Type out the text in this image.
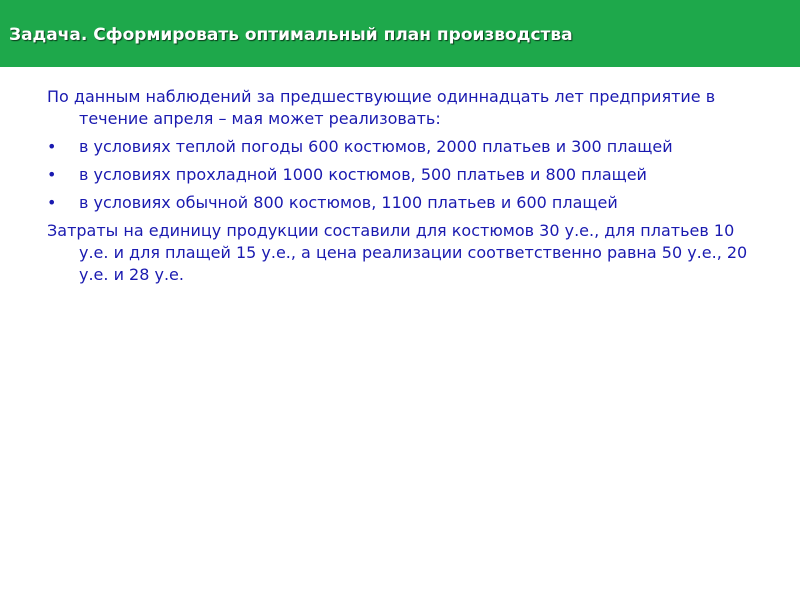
Задача. Сформировать оптимальный план производства

По данным наблюдений за предшествующие одиннадцать лет предприятие в течение апреля – мая может реализовать:

• в условиях теплой погоды 600 костюмов, 2000 платьев и 300 плащей
• в условиях прохладной 1000 костюмов, 500 платьев и 800 плащей
• в условиях обычной 800 костюмов, 1100 платьев и 600 плащей

Затраты на единицу продукции составили для костюмов 30 у.е., для платьев 10 у.е. и для плащей 15 у.е., а цена реализации соответственно равна 50 у.е., 20 у.е. и 28 у.е.
